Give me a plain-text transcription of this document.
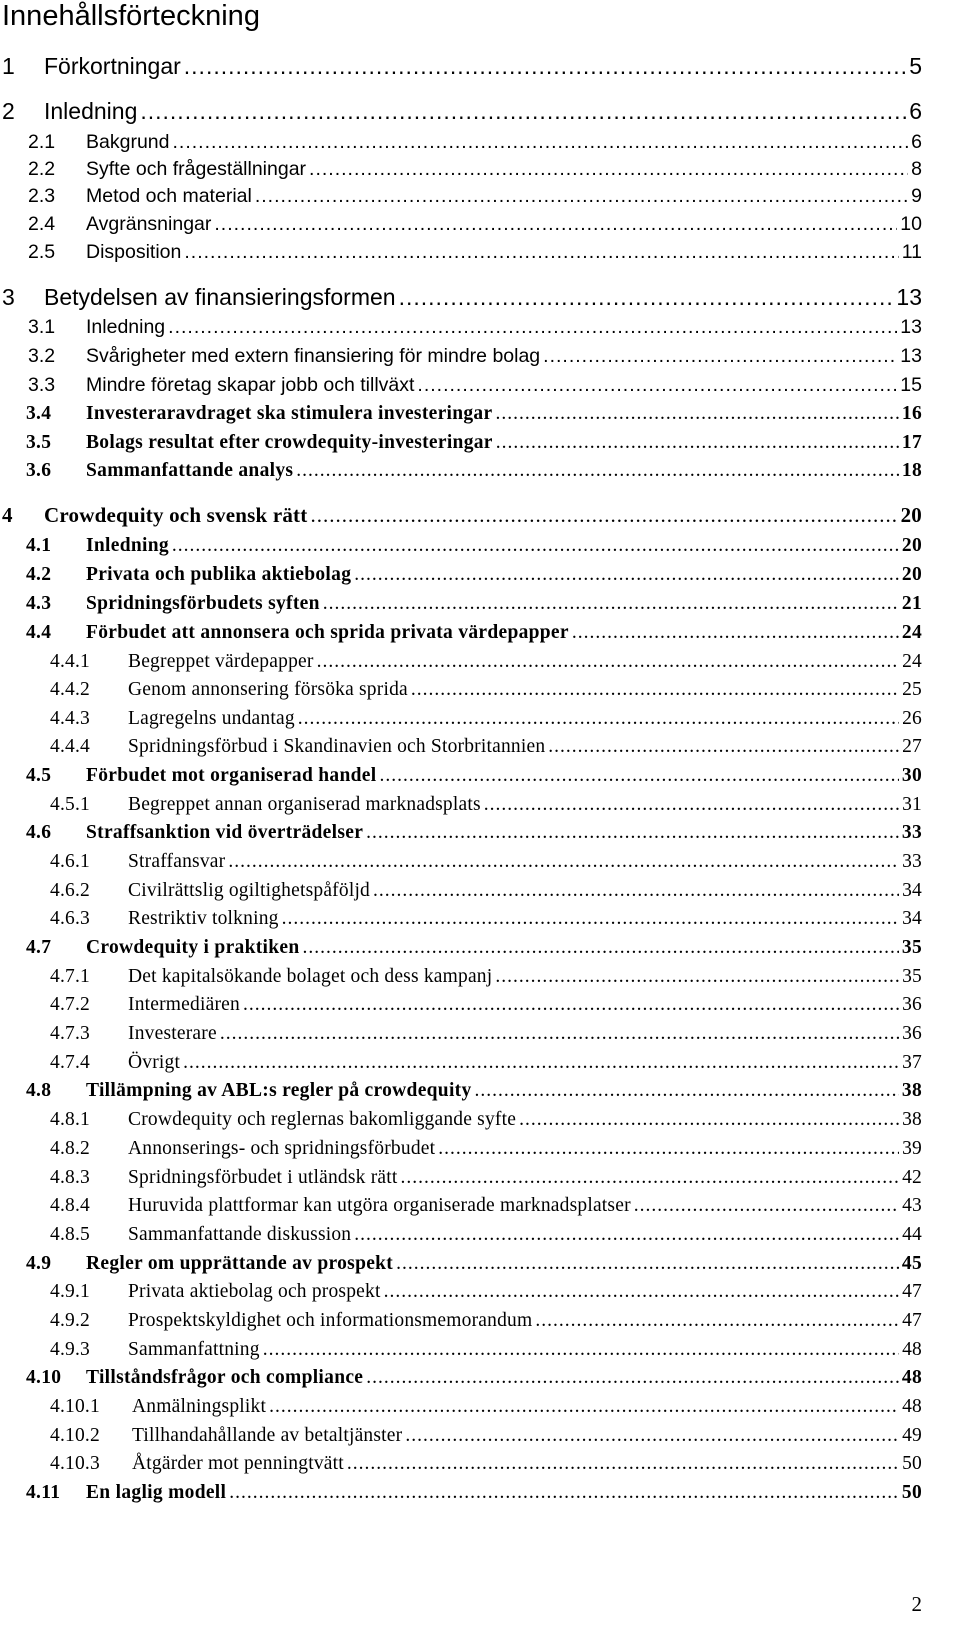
Innehållsförteckning
1	Förkortningar .....	5
2	Inledning .....	6
2.1	Bakgrund .....	6
2.2	Syfte och frågeställningar .....	8
2.3	Metod och material .....	9
2.4	Avgränsningar .....	10
2.5	Disposition .....	11
3	Betydelsen av finansieringsformen .....	13
3.1	Inledning .....	13
3.2	Svårigheter med extern finansiering för mindre bolag .....	13
3.3	Mindre företag skapar jobb och tillväxt .....	15
3.4	Investeraravdraget ska stimulera investeringar .....	16
3.5	Bolags resultat efter crowdequity-investeringar .....	17
3.6	Sammanfattande analys .....	18
4	Crowdequity och svensk rätt .....	20
4.1	Inledning .....	20
4.2	Privata och publika aktiebolag .....	20
4.3	Spridningsförbudets syften .....	21
4.4	Förbudet att annonsera och sprida privata värdepapper .....	24
4.4.1	Begreppet värdepapper .....	24
4.4.2	Genom annonsering försöka sprida .....	25
4.4.3	Lagregelns undantag .....	26
4.4.4	Spridningsförbud i Skandinavien och Storbritannien .....	27
4.5	Förbudet mot organiserad handel .....	30
4.5.1	Begreppet annan organiserad marknadsplats .....	31
4.6	Straffsanktion vid överträdelser .....	33
4.6.1	Straffansvar .....	33
4.6.2	Civilrättslig ogiltighetspåföljd .....	34
4.6.3	Restriktiv tolkning .....	34
4.7	Crowdequity i praktiken .....	35
4.7.1	Det kapitalsökande bolaget och dess kampanj .....	35
4.7.2	Intermediären .....	36
4.7.3	Investerare .....	36
4.7.4	Övrigt .....	37
4.8	Tillämpning av ABL:s regler på crowdequity .....	38
4.8.1	Crowdequity och reglernas bakomliggande syfte .....	38
4.8.2	Annonserings- och spridningsförbudet .....	39
4.8.3	Spridningsförbudet i utländsk rätt .....	42
4.8.4	Huruvida plattformar kan utgöra organiserade marknadsplatser .....	43
4.8.5	Sammanfattande diskussion .....	44
4.9	Regler om upprättande av prospekt .....	45
4.9.1	Privata aktiebolag och prospekt .....	47
4.9.2	Prospektskyldighet och informationsmemorandum .....	47
4.9.3	Sammanfattning .....	48
4.10	Tillståndsfrågor och compliance .....	48
4.10.1	Anmälningsplikt .....	48
4.10.2	Tillhandahållande av betaltjänster .....	49
4.10.3	Åtgärder mot penningtvätt .....	50
4.11	En laglig modell .....	50
2
